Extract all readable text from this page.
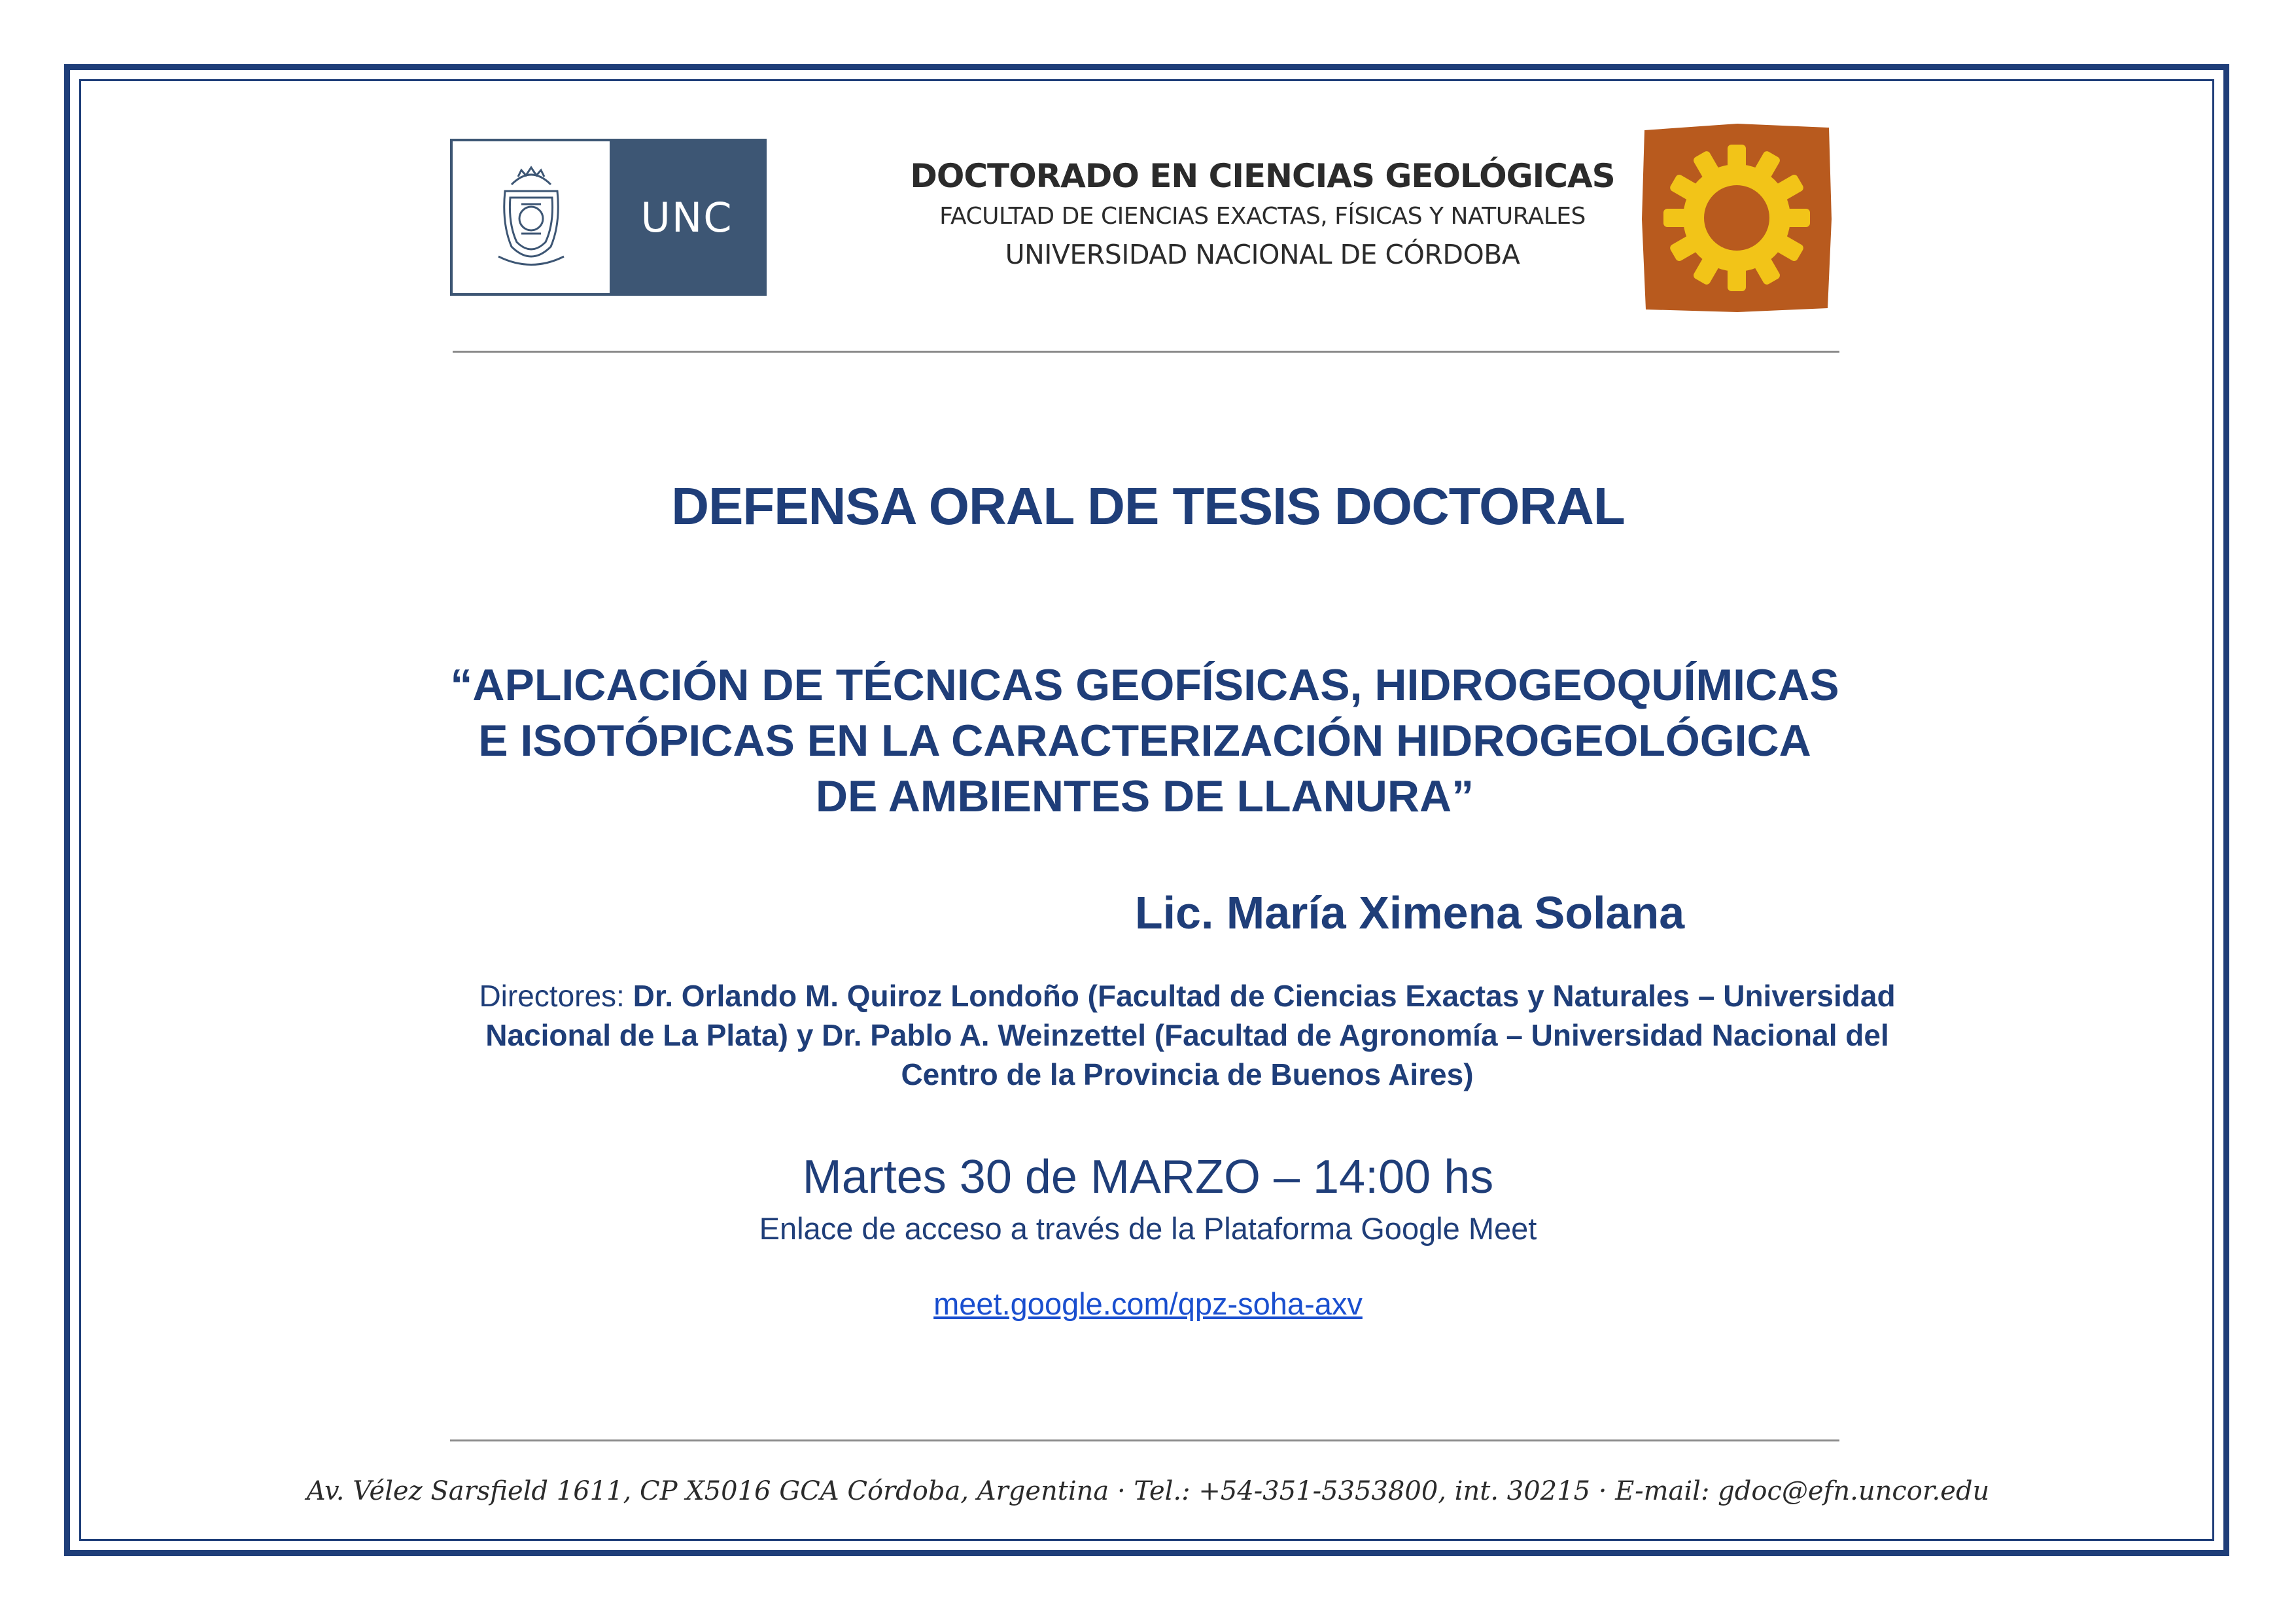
UNC
DOCTORADO EN CIENCIAS GEOLÓGICAS
FACULTAD DE CIENCIAS EXACTAS, FÍSICAS Y NATURALES
UNIVERSIDAD NACIONAL DE CÓRDOBA
DEFENSA ORAL DE TESIS DOCTORAL
“APLICACIÓN DE TÉCNICAS GEOFÍSICAS, HIDROGEOQUÍMICAS
E ISOTÓPICAS EN LA CARACTERIZACIÓN HIDROGEOLÓGICA
DE AMBIENTES DE LLANURA”
Lic. María Ximena Solana
Directores: Dr. Orlando M. Quiroz Londoño (Facultad de Ciencias Exactas y Naturales – Universidad Nacional de La Plata) y Dr. Pablo A. Weinzettel (Facultad de Agronomía – Universidad Nacional del Centro de la Provincia de Buenos Aires)
Martes 30 de MARZO – 14:00 hs
Enlace de acceso a través de la Plataforma Google Meet
meet.google.com/qpz-soha-axv
Av. Vélez Sarsfield 1611, CP X5016 GCA Córdoba, Argentina · Tel.: +54-351-5353800, int. 30215 · E-mail: gdoc@efn.uncor.edu
